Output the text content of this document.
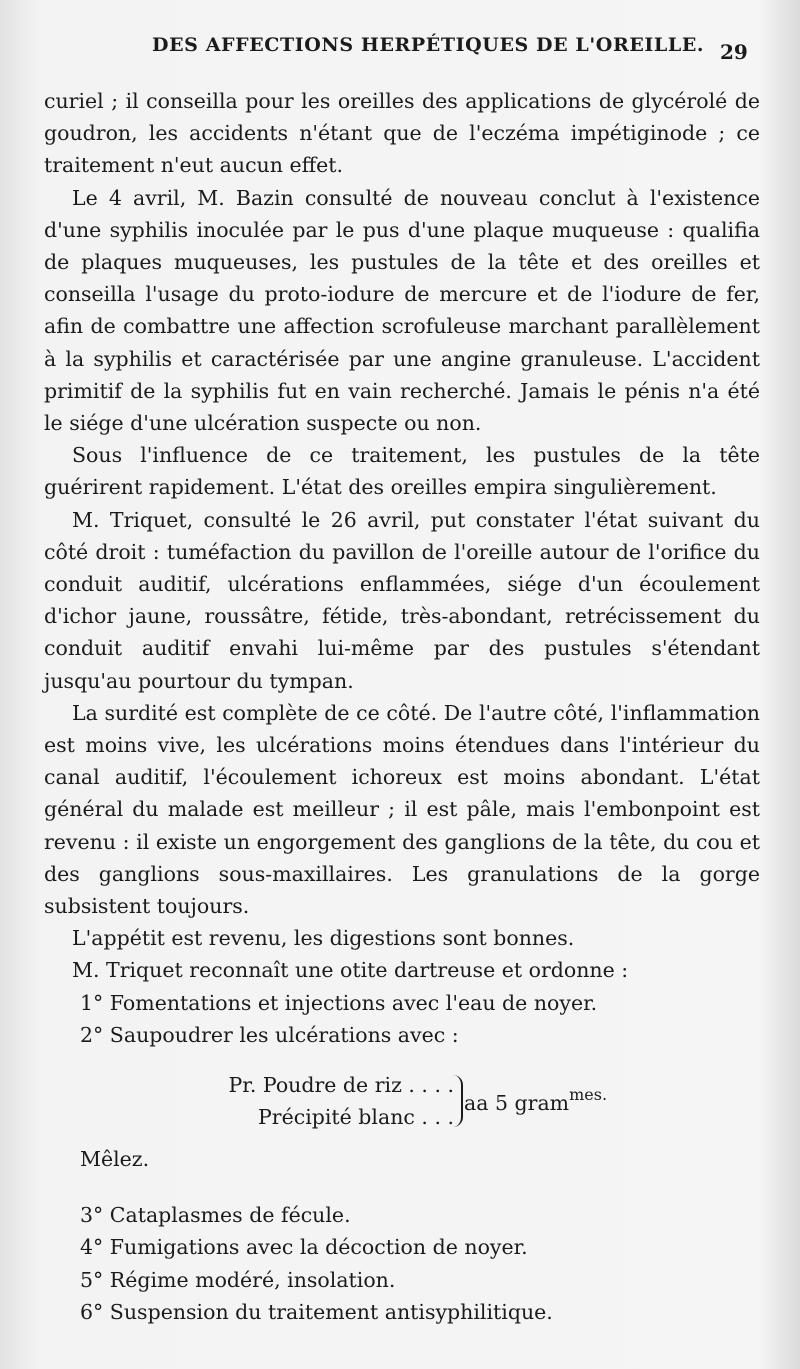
DES AFFECTIONS HERPÉTIQUES DE L'OREILLE. 29

curiel ; il conseilla pour les oreilles des applications de glycérolé de goudron, les accidents n'étant que de l'eczéma impétiginode ; ce traitement n'eut aucun effet.

Le 4 avril, M. Bazin consulté de nouveau conclut à l'existence d'une syphilis inoculée par le pus d'une plaque muqueuse : qualifia de plaques muqueuses, les pustules de la tête et des oreilles et conseilla l'usage du proto-iodure de mercure et de l'iodure de fer, afin de combattre une affection scrofuleuse marchant parallèlement à la syphilis et caractérisée par une angine granuleuse. L'accident primitif de la syphilis fut en vain recherché. Jamais le pénis n'a été le siége d'une ulcération suspecte ou non.

Sous l'influence de ce traitement, les pustules de la tête guérirent rapidement. L'état des oreilles empira singulièrement.

M. Triquet, consulté le 26 avril, put constater l'état suivant du côté droit : tuméfaction du pavillon de l'oreille autour de l'orifice du conduit auditif, ulcérations enflammées, siége d'un écoulement d'ichor jaune, roussâtre, fétide, très-abondant, retrécissement du conduit auditif envahi lui-même par des pustules s'étendant jusqu'au pourtour du tympan.

La surdité est complète de ce côté. De l'autre côté, l'inflammation est moins vive, les ulcérations moins étendues dans l'intérieur du canal auditif, l'écoulement ichoreux est moins abondant. L'état général du malade est meilleur ; il est pâle, mais l'embonpoint est revenu : il existe un engorgement des ganglions de la tête, du cou et des ganglions sous-maxillaires. Les granulations de la gorge subsistent toujours.

L'appétit est revenu, les digestions sont bonnes.

M. Triquet reconnaît une otite dartreuse et ordonne :

1° Fomentations et injections avec l'eau de noyer.

2° Saupoudrer les ulcérations avec :

Pr. Poudre de riz . . . .
Précipité blanc . . .
aa 5 gram$^{mes.}$

Mêlez.

3° Cataplasmes de fécule.

4° Fumigations avec la décoction de noyer.

5° Régime modéré, insolation.

6° Suspension du traitement antisyphilitique.
